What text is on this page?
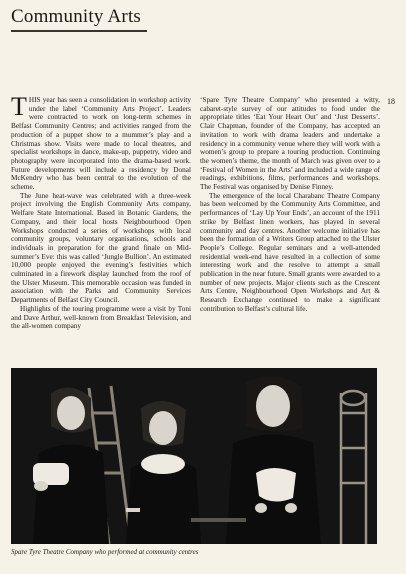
Community Arts
18

THIS year has seen a consolidation in workshop activity under the label ‘Community Arts Project’. Leaders were contracted to work on long-term schemes in Belfast Community Centres; and activities ranged from the production of a puppet show to a mummer’s play and a Christmas show. Visits were made to local theatres, and specialist workshops in dance, make-up, puppetry, video and photography were incorporated into the drama-based work. Future developments will include a residency by Donal McKendry who has been central to the evolution of the scheme.

The June heat-wave was celebrated with a three-week project involving the English Community Arts company, Welfare State International. Based in Botanic Gardens, the Company, and their local hosts Neighbourhood Open Workshops conducted a series of workshops with local community groups, voluntary organisations, schools and individuals in preparation for the grand finale on Mid-summer’s Eve: this was called ‘Jungle Bullion’. An estimated 10,000 people enjoyed the evening’s festivities which culminated in a firework display launched from the roof of the Ulster Museum. This memorable occasion was funded in association with the Parks and Community Services Departments of Belfast City Council.

Highlights of the touring programme were a visit by Toni and Dave Arthur, well-known from Breakfast Television, and the all-women company

‘Spare Tyre Theatre Company’ who presented a witty, cabaret-style survey of our attitudes to food under the appropriate titles ‘Eat Your Heart Out’ and ‘Just Desserts’. Clair Chapman, founder of the Company, has accepted an invitation to work with drama leaders and undertake a residency in a community venue where they will work with a women’s group to prepare a touring production. Continuing the women’s theme, the month of March was given over to a ‘Festival of Women in the Arts’ and included a wide range of readings, exhibitions, films, performances and workshops. The Festival was organised by Denise Finney.

The emergence of the local Charabanc Theatre Company has been welcomed by the Community Arts Committee, and performances of ‘Lay Up Your Ends’, an account of the 1911 strike by Belfast linen workers, has played in several community and day centres. Another welcome initiative has been the formation of a Writers Group attached to the Ulster People’s College. Regular seminars and a well-attended residential week-end have resulted in a collection of some interesting work and the resolve to attempt a small publication in the near future. Small grants were awarded to a number of new projects. Major clients such as the Crescent Arts Centre, Neighbourhood Open Workshops and Art & Research Exchange continued to make a significant contribution to Belfast’s cultural life.

Spare Tyre Theatre Company who performed at community centres
